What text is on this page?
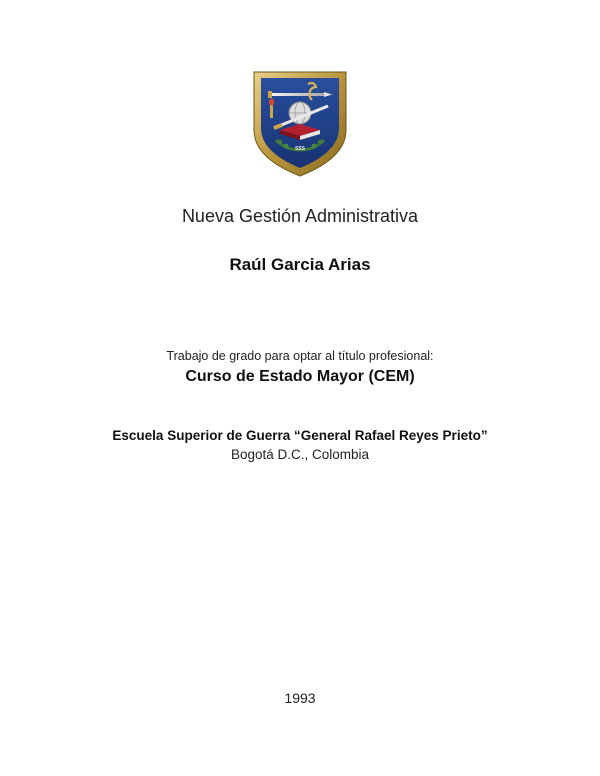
SSS
Nueva Gestión Administrativa
Raúl Garcia Arias
Trabajo de grado para optar al título profesional:
Curso de Estado Mayor (CEM)
Escuela Superior de Guerra “General Rafael Reyes Prieto”
Bogotá D.C., Colombia
1993
